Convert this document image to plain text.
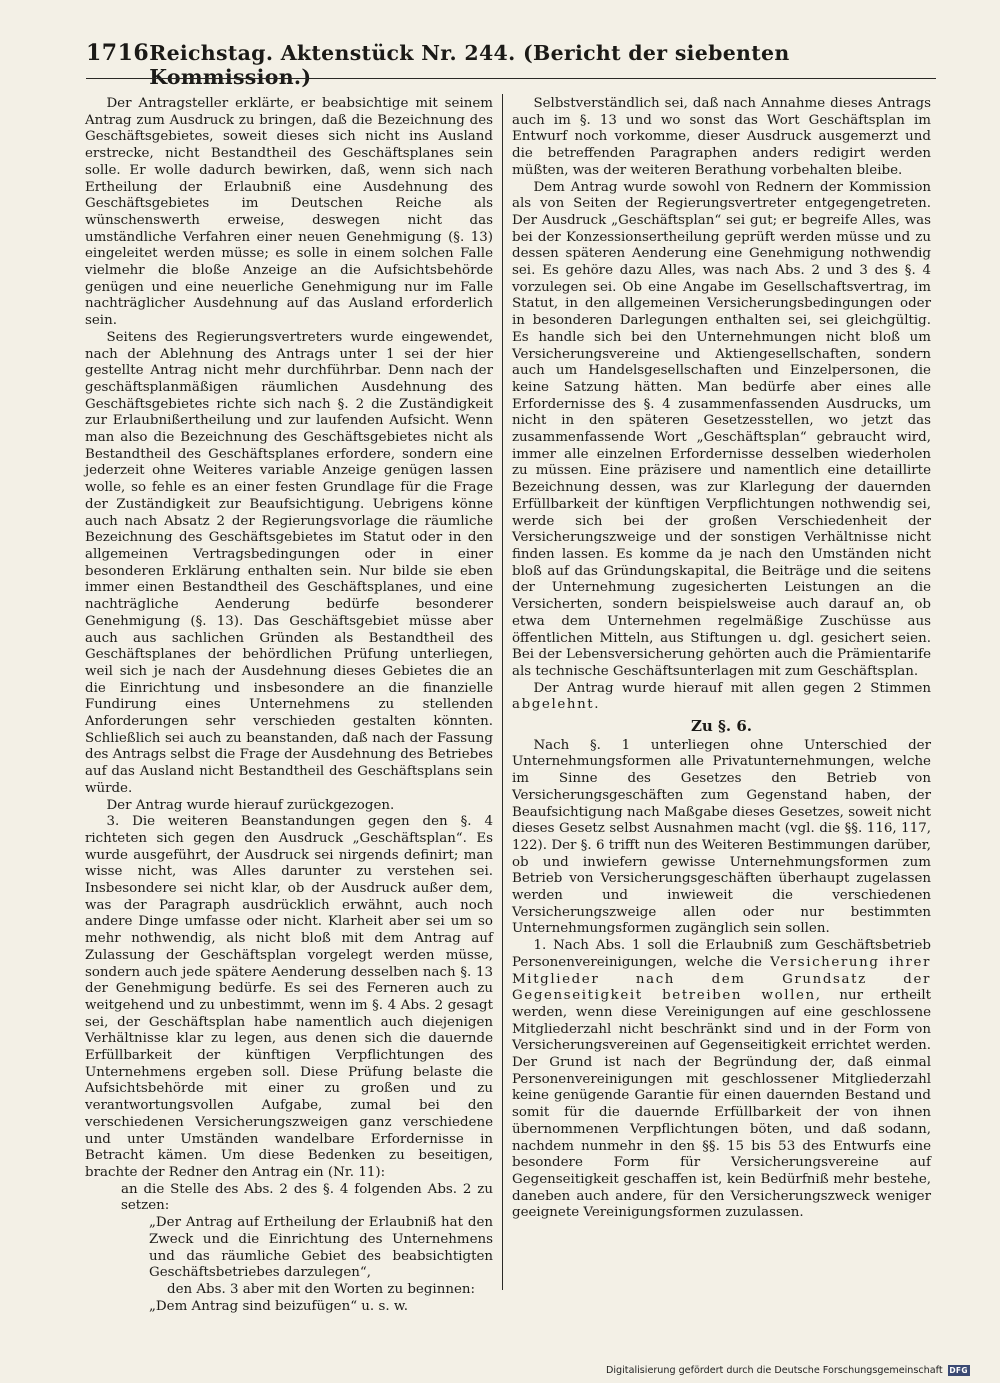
1716 Reichstag. Aktenstück Nr. 244. (Bericht der siebenten Kommission.)

Der Antragsteller erklärte, er beabsichtige mit seinem Antrag zum Ausdruck zu bringen, daß die Bezeichnung des Geschäftsgebietes, soweit dieses sich nicht ins Ausland erstrecke, nicht Bestandtheil des Geschäftsplanes sein solle. Er wolle dadurch bewirken, daß, wenn sich nach Ertheilung der Erlaubniß eine Ausdehnung des Geschäftsgebietes im Deutschen Reiche als wünschenswerth erweise, deswegen nicht das umständliche Verfahren einer neuen Genehmigung (§. 13) eingeleitet werden müsse; es solle in einem solchen Falle vielmehr die bloße Anzeige an die Aufsichtsbehörde genügen und eine neuerliche Genehmigung nur im Falle nachträglicher Ausdehnung auf das Ausland erforderlich sein.

Seitens des Regierungsvertreters wurde eingewendet, nach der Ablehnung des Antrags unter 1 sei der hier gestellte Antrag nicht mehr durchführbar. Denn nach der geschäftsplanmäßigen räumlichen Ausdehnung des Geschäftsgebietes richte sich nach §. 2 die Zuständigkeit zur Erlaubnißertheilung und zur laufenden Aufsicht. Wenn man also die Bezeichnung des Geschäftsgebietes nicht als Bestandtheil des Geschäftsplanes erfordere, sondern eine jederzeit ohne Weiteres variable Anzeige genügen lassen wolle, so fehle es an einer festen Grundlage für die Frage der Zuständigkeit zur Beaufsichtigung. Uebrigens könne auch nach Absatz 2 der Regierungsvorlage die räumliche Bezeichnung des Geschäftsgebietes im Statut oder in den allgemeinen Vertragsbedingungen oder in einer besonderen Erklärung enthalten sein. Nur bilde sie eben immer einen Bestandtheil des Geschäftsplanes, und eine nachträgliche Aenderung bedürfe besonderer Genehmigung (§. 13). Das Geschäftsgebiet müsse aber auch aus sachlichen Gründen als Bestandtheil des Geschäftsplanes der behördlichen Prüfung unterliegen, weil sich je nach der Ausdehnung dieses Gebietes die an die Einrichtung und insbesondere an die finanzielle Fundirung eines Unternehmens zu stellenden Anforderungen sehr verschieden gestalten könnten. Schließlich sei auch zu beanstanden, daß nach der Fassung des Antrags selbst die Frage der Ausdehnung des Betriebes auf das Ausland nicht Bestandtheil des Geschäftsplans sein würde.

Der Antrag wurde hierauf zurückgezogen.

3. Die weiteren Beanstandungen gegen den §. 4 richteten sich gegen den Ausdruck „Geschäftsplan“. Es wurde ausgeführt, der Ausdruck sei nirgends definirt; man wisse nicht, was Alles darunter zu verstehen sei. Insbesondere sei nicht klar, ob der Ausdruck außer dem, was der Paragraph ausdrücklich erwähnt, auch noch andere Dinge umfasse oder nicht. Klarheit aber sei um so mehr nothwendig, als nicht bloß mit dem Antrag auf Zulassung der Geschäftsplan vorgelegt werden müsse, sondern auch jede spätere Aenderung desselben nach §. 13 der Genehmigung bedürfe. Es sei des Ferneren auch zu weitgehend und zu unbestimmt, wenn im §. 4 Abs. 2 gesagt sei, der Geschäftsplan habe namentlich auch diejenigen Verhältnisse klar zu legen, aus denen sich die dauernde Erfüllbarkeit der künftigen Verpflichtungen des Unternehmens ergeben soll. Diese Prüfung belaste die Aufsichtsbehörde mit einer zu großen und zu verantwortungsvollen Aufgabe, zumal bei den verschiedenen Versicherungszweigen ganz verschiedene und unter Umständen wandelbare Erfordernisse in Betracht kämen. Um diese Bedenken zu beseitigen, brachte der Redner den Antrag ein (Nr. 11):

an die Stelle des Abs. 2 des §. 4 folgenden Abs. 2 zu setzen:

„Der Antrag auf Ertheilung der Erlaubniß hat den Zweck und die Einrichtung des Unternehmens und das räumliche Gebiet des beabsichtigten Geschäftsbetriebes darzulegen“,

den Abs. 3 aber mit den Worten zu beginnen:

„Dem Antrag sind beizufügen“ u. s. w.

Selbstverständlich sei, daß nach Annahme dieses Antrags auch im §. 13 und wo sonst das Wort Geschäftsplan im Entwurf noch vorkomme, dieser Ausdruck ausgemerzt und die betreffenden Paragraphen anders redigirt werden müßten, was der weiteren Berathung vorbehalten bleibe.

Dem Antrag wurde sowohl von Rednern der Kommission als von Seiten der Regierungsvertreter entgegengetreten. Der Ausdruck „Geschäftsplan“ sei gut; er begreife Alles, was bei der Konzessionsertheilung geprüft werden müsse und zu dessen späteren Aenderung eine Genehmigung nothwendig sei. Es gehöre dazu Alles, was nach Abs. 2 und 3 des §. 4 vorzulegen sei. Ob eine Angabe im Gesellschaftsvertrag, im Statut, in den allgemeinen Versicherungsbedingungen oder in besonderen Darlegungen enthalten sei, sei gleichgültig. Es handle sich bei den Unternehmungen nicht bloß um Versicherungsvereine und Aktiengesellschaften, sondern auch um Handelsgesellschaften und Einzelpersonen, die keine Satzung hätten. Man bedürfe aber eines alle Erfordernisse des §. 4 zusammenfassenden Ausdrucks, um nicht in den späteren Gesetzesstellen, wo jetzt das zusammenfassende Wort „Geschäftsplan“ gebraucht wird, immer alle einzelnen Erfordernisse desselben wiederholen zu müssen. Eine präzisere und namentlich eine detaillirte Bezeichnung dessen, was zur Klarlegung der dauernden Erfüllbarkeit der künftigen Verpflichtungen nothwendig sei, werde sich bei der großen Verschiedenheit der Versicherungszweige und der sonstigen Verhältnisse nicht finden lassen. Es komme da je nach den Umständen nicht bloß auf das Gründungskapital, die Beiträge und die seitens der Unternehmung zugesicherten Leistungen an die Versicherten, sondern beispielsweise auch darauf an, ob etwa dem Unternehmen regelmäßige Zuschüsse aus öffentlichen Mitteln, aus Stiftungen u. dgl. gesichert seien. Bei der Lebensversicherung gehörten auch die Prämientarife als technische Geschäftsunterlagen mit zum Geschäftsplan.

Der Antrag wurde hierauf mit allen gegen 2 Stimmen abgelehnt.

Zu §. 6.

Nach §. 1 unterliegen ohne Unterschied der Unternehmungsformen alle Privatunternehmungen, welche im Sinne des Gesetzes den Betrieb von Versicherungsgeschäften zum Gegenstand haben, der Beaufsichtigung nach Maßgabe dieses Gesetzes, soweit nicht dieses Gesetz selbst Ausnahmen macht (vgl. die §§. 116, 117, 122). Der §. 6 trifft nun des Weiteren Bestimmungen darüber, ob und inwiefern gewisse Unternehmungsformen zum Betrieb von Versicherungsgeschäften überhaupt zugelassen werden und inwieweit die verschiedenen Versicherungszweige allen oder nur bestimmten Unternehmungsformen zugänglich sein sollen.

1. Nach Abs. 1 soll die Erlaubniß zum Geschäftsbetrieb Personenvereinigungen, welche die Versicherung ihrer Mitglieder nach dem Grundsatz der Gegenseitigkeit betreiben wollen, nur ertheilt werden, wenn diese Vereinigungen auf eine geschlossene Mitgliederzahl nicht beschränkt sind und in der Form von Versicherungsvereinen auf Gegenseitigkeit errichtet werden. Der Grund ist nach der Begründung der, daß einmal Personenvereinigungen mit geschlossener Mitgliederzahl keine genügende Garantie für einen dauernden Bestand und somit für die dauernde Erfüllbarkeit der von ihnen übernommenen Verpflichtungen böten, und daß sodann, nachdem nunmehr in den §§. 15 bis 53 des Entwurfs eine besondere Form für Versicherungsvereine auf Gegenseitigkeit geschaffen ist, kein Bedürfniß mehr bestehe, daneben auch andere, für den Versicherungszweck weniger geeignete Vereinigungsformen zuzulassen.

Digitalisierung gefördert durch die Deutsche Forschungsgemeinschaft DFG
